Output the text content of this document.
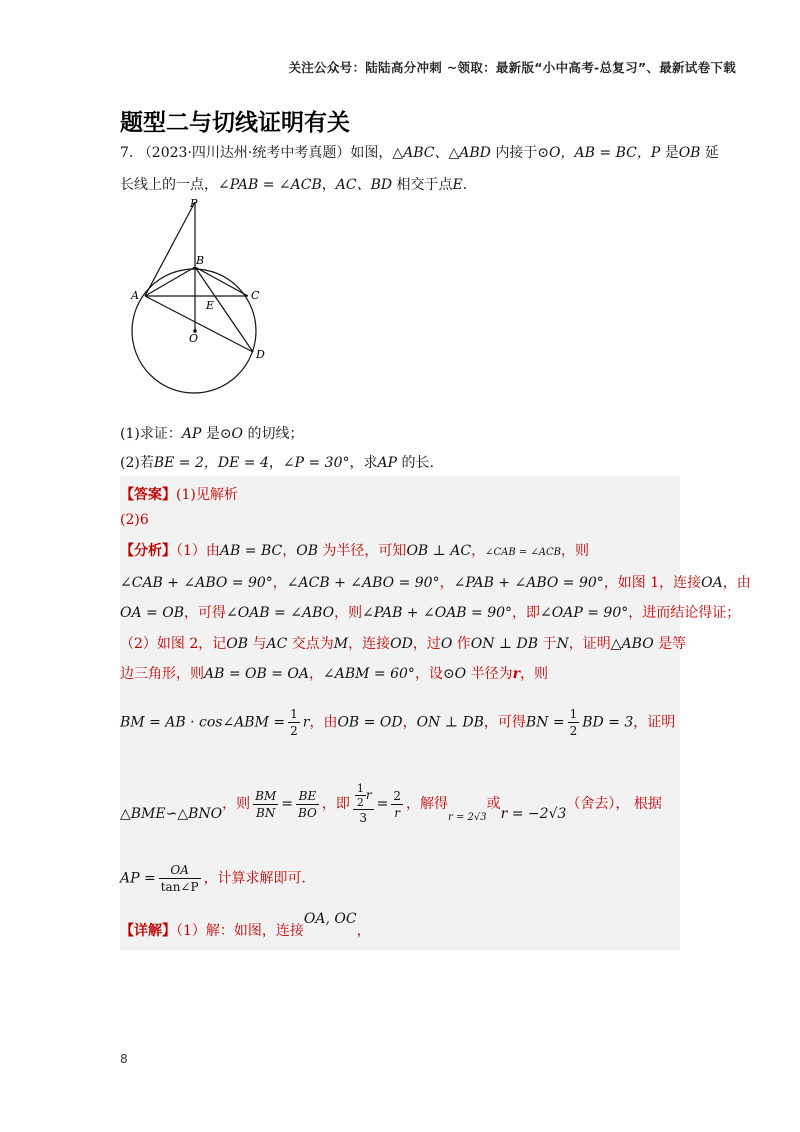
关注公众号：陆陆高分冲刺 ~领取：最新版“小中高考-总复习”、最新试卷下载
题型二与切线证明有关
7. （2023·四川达州·统考中考真题）如图，△ABC、△ABD 内接于⊙O，AB = BC，P 是OB 延
长线上的一点，∠PAB = ∠ACB，AC、BD 相交于点E.
P
B
A	C
E
O
D
(1)求证：AP 是⊙O 的切线；
(2)若BE = 2，DE = 4，∠P = 30°，求AP 的长.
【答案】(1)见解析
(2)6
【分析】（1）由AB = BC，OB 为半径，可知OB ⊥ AC，∠CAB = ∠ACB，则
∠CAB + ∠ABO = 90°，∠ACB + ∠ABO = 90°，∠PAB + ∠ABO = 90°，如图 1，连接OA，由
OA = OB，可得∠OAB = ∠ABO，则∠PAB + ∠OAB = 90°，即∠OAP = 90°，进而结论得证；
（2）如图 2，记OB 与AC 交点为M，连接OD，过O 作ON ⊥ DB 于N，证明△ABO 是等
边三角形，则AB = OB = OA，∠ABM = 60°，设⊙O 半径为r，则
BM = AB · cos∠ABM = $\frac{1}{2}$ r，由OB = OD，ON ⊥ DB，可得BN = $\frac{1}{2}$ BD = 3，证明
△BME∽△BNO，则 $\frac{BM}{BN} = \frac{BE}{BO}$ ，即 $\frac{\frac{1}{2} r}{3} = \frac{2}{r}$ ，解得$_{r = 2√3}$或r = −2√3（舍去）， 根据
AP = $\frac{OA}{\tan\angle P}$ ，计算求解即可.
【详解】（1）解：如图，连接OA, OC，
8
